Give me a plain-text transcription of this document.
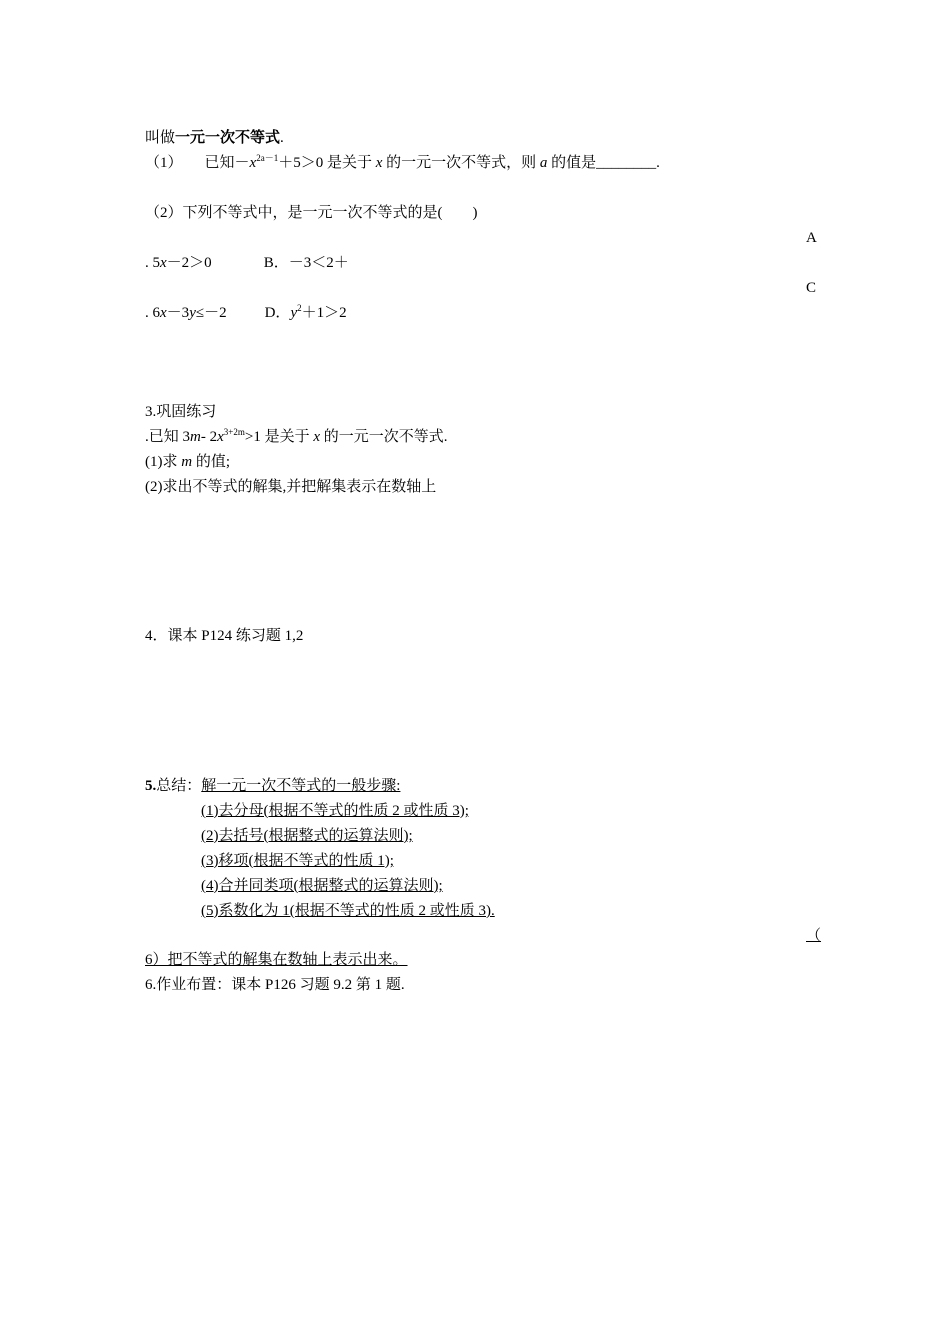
叫做一元一次不等式.
（1） 已知$-x^{2a-1}+5>0$ 是关于 x 的一元一次不等式，则 a 的值是________.
（2）下列不等式中，是一元一次不等式的是(　　)
A
. 5x－2＞0	B．－3＜2＋
C
. 6x－3y≤－2	D．$y^2+1>2$
3.巩固练习
.已知 3m- $2x^{3+2m}>1$ 是关于 x 的一元一次不等式.
(1)求 m 的值;
(2)求出不等式的解集,并把解集表示在数轴上
4．课本 P124 练习题 1,2
5.总结：解一元一次不等式的一般步骤:
(1)去分母(根据不等式的性质 2 或性质 3);
(2)去括号(根据整式的运算法则);
(3)移项(根据不等式的性质 1);
(4)合并同类项(根据整式的运算法则);
(5)系数化为 1(根据不等式的性质 2 或性质 3).
（
6）把不等式的解集在数轴上表示出来。
6.作业布置：课本 P126 习题 9.2 第 1 题.
